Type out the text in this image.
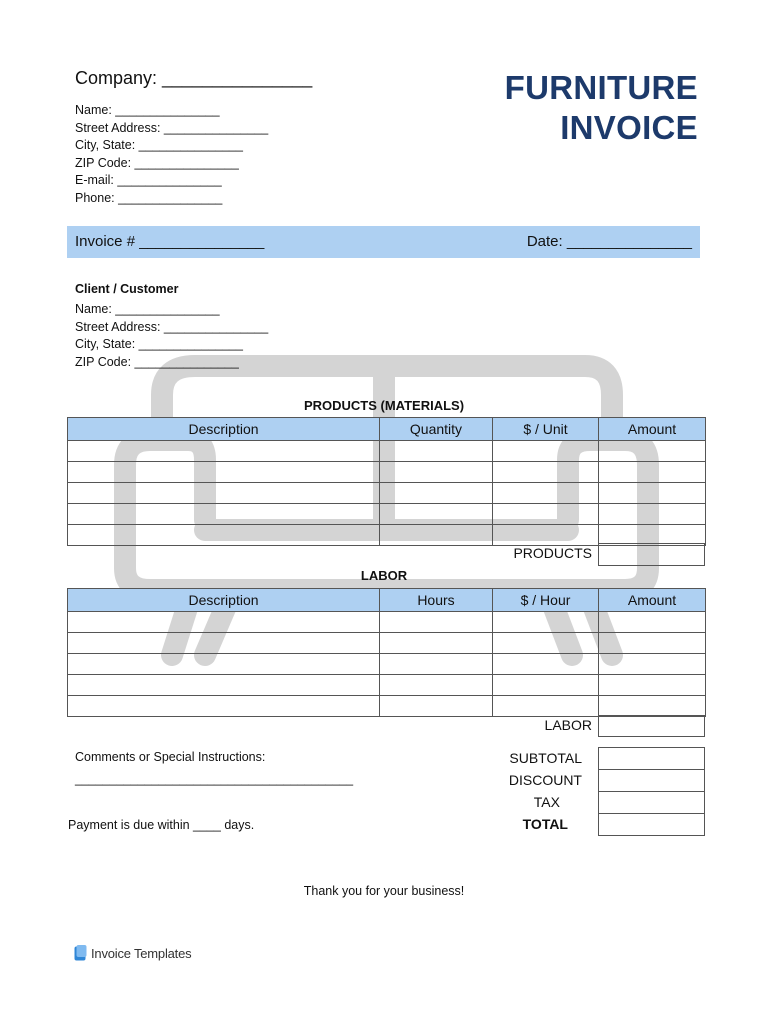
Company: _______________
Name: _______________
Street Address: _______________
City, State: _______________
ZIP Code: _______________
E-mail: _______________
Phone: _______________
FURNITURE
INVOICE
Invoice # _______________	Date: _______________
Client / Customer
Name: _______________
Street Address: _______________
City, State: _______________
ZIP Code: _______________
PRODUCTS (MATERIALS)
Description	Quantity	$ / Unit	Amount

PRODUCTS
LABOR
Description	Hours	$ / Hour	Amount

LABOR
SUBTOTAL
DISCOUNT
TAX
TOTAL
Comments or Special Instructions:
________________________________________
Payment is due within ____ days.
Thank you for your business!
Invoice Templates
